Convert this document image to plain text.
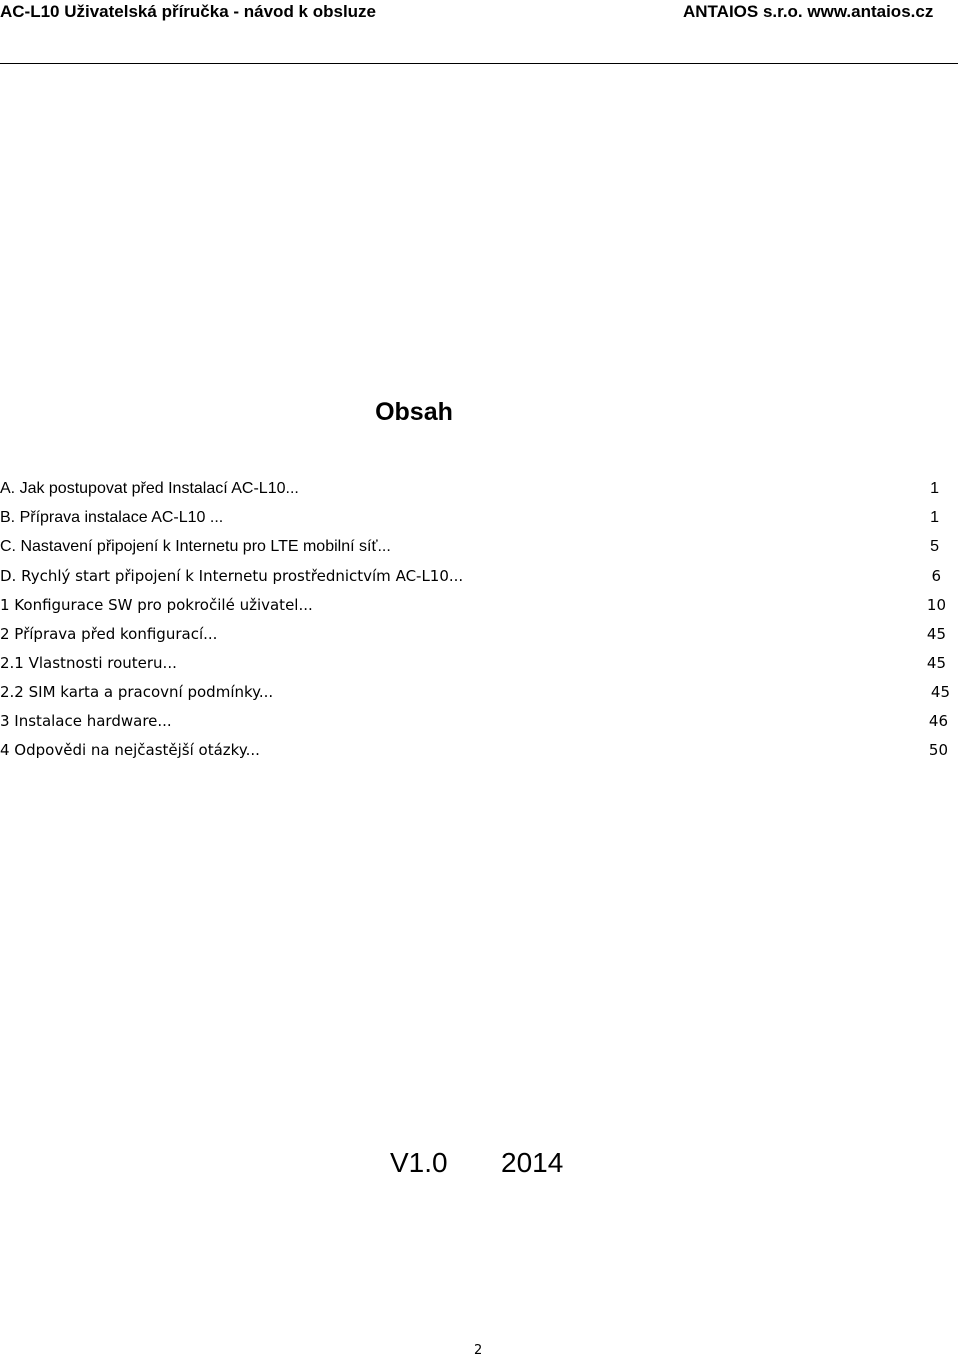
AC-L10 Uživatelská příručka - návod k obsluze	ANTAIOS s.r.o. www.antaios.cz
Obsah
A. Jak postupovat před Instalací AC-L10...	1
B. Příprava instalace AC-L10 ...	1
C. Nastavení připojení k Internetu pro LTE mobilní síť...	5
D. Rychlý start připojení k Internetu prostřednictvím AC-L10...	6
1 Konfigurace SW pro pokročilé uživatel...	10
2 Příprava před konfigurací...	45
2.1 Vlastnosti routeru...	45
2.2 SIM karta a pracovní podmínky...	45
3 Instalace hardware...	46
4 Odpovědi na nejčastější otázky...	50
V1.0 2014
2
